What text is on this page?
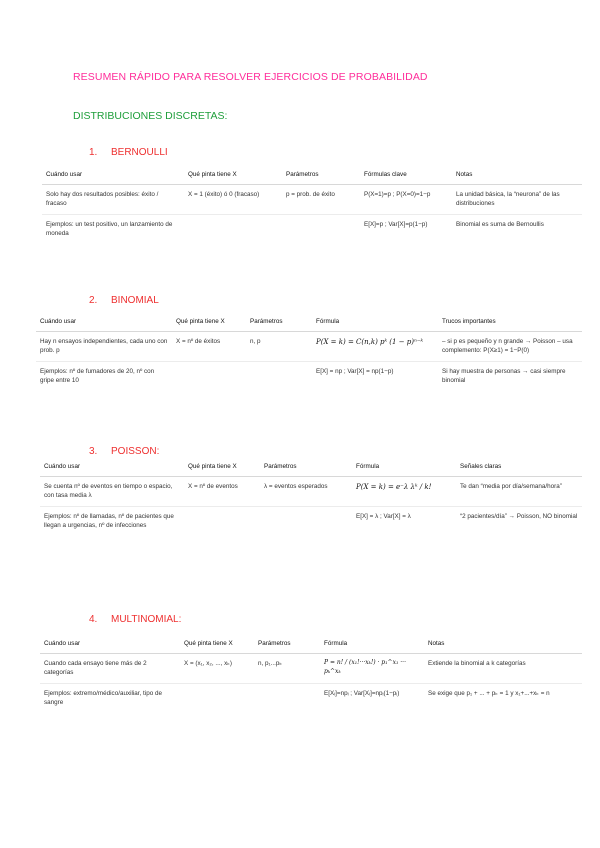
RESUMEN RÁPIDO PARA RESOLVER EJERCICIOS DE PROBABILIDAD
DISTRIBUCIONES DISCRETAS:
1. BERNOULLI
Cuándo usar	Qué pinta tiene X	Parámetros	Fórmulas clave	Notas
Solo hay dos resultados posibles: éxito / fracaso	X = 1 (éxito) ó 0 (fracaso)	p = prob. de éxito	P(X=1)=p ; P(X=0)=1−p	La unidad básica, la “neurona” de las distribuciones
Ejemplos: un test positivo, un lanzamiento de moneda			E[X]=p ; Var[X]=p(1−p)	Binomial es suma de Bernoullis
2. BINOMIAL
Cuándo usar	Qué pinta tiene X	Parámetros	Fórmula	Trucos importantes
Hay n ensayos independientes, cada uno con prob. p	X = nº de éxitos	n, p	P(X = k) = C(n,k) pᵏ (1 − p)ⁿ⁻ᵏ	– si p es pequeño y n grande → Poisson – usa complemento: P(X≥1) = 1−P(0)
Ejemplos: nº de fumadores de 20, nº con gripe entre 10			E[X] = np ; Var[X] = np(1−p)	Si hay muestra de personas → casi siempre binomial
3. POISSON:
Cuándo usar	Qué pinta tiene X	Parámetros	Fórmula	Señales claras
Se cuenta nº de eventos en tiempo o espacio, con tasa media λ	X = nº de eventos	λ = eventos esperados	P(X = k) = e⁻λ λᵏ / k!	Te dan “media por día/semana/hora”
Ejemplos: nº de llamadas, nº de pacientes que llegan a urgencias, nº de infecciones			E[X] = λ ; Var[X] = λ	“2 pacientes/día” → Poisson, NO binomial
4. MULTINOMIAL:
Cuándo usar	Qué pinta tiene X	Parámetros	Fórmula	Notas
Cuando cada ensayo tiene más de 2 categorías	X = (x₁, x₂, ..., xₖ)	n, p₁...pₖ	P = n! / (x₁!···xₖ!) · p₁^x₁ ··· pₖ^xₖ	Extiende la binomial a k categorías
Ejemplos: extremo/médico/auxiliar, tipo de sangre			E[Xᵢ]=npᵢ ; Var[Xᵢ]=npᵢ(1−pᵢ)	Se exige que p₁ + ... + pₖ = 1 y x₁+...+xₖ = n
